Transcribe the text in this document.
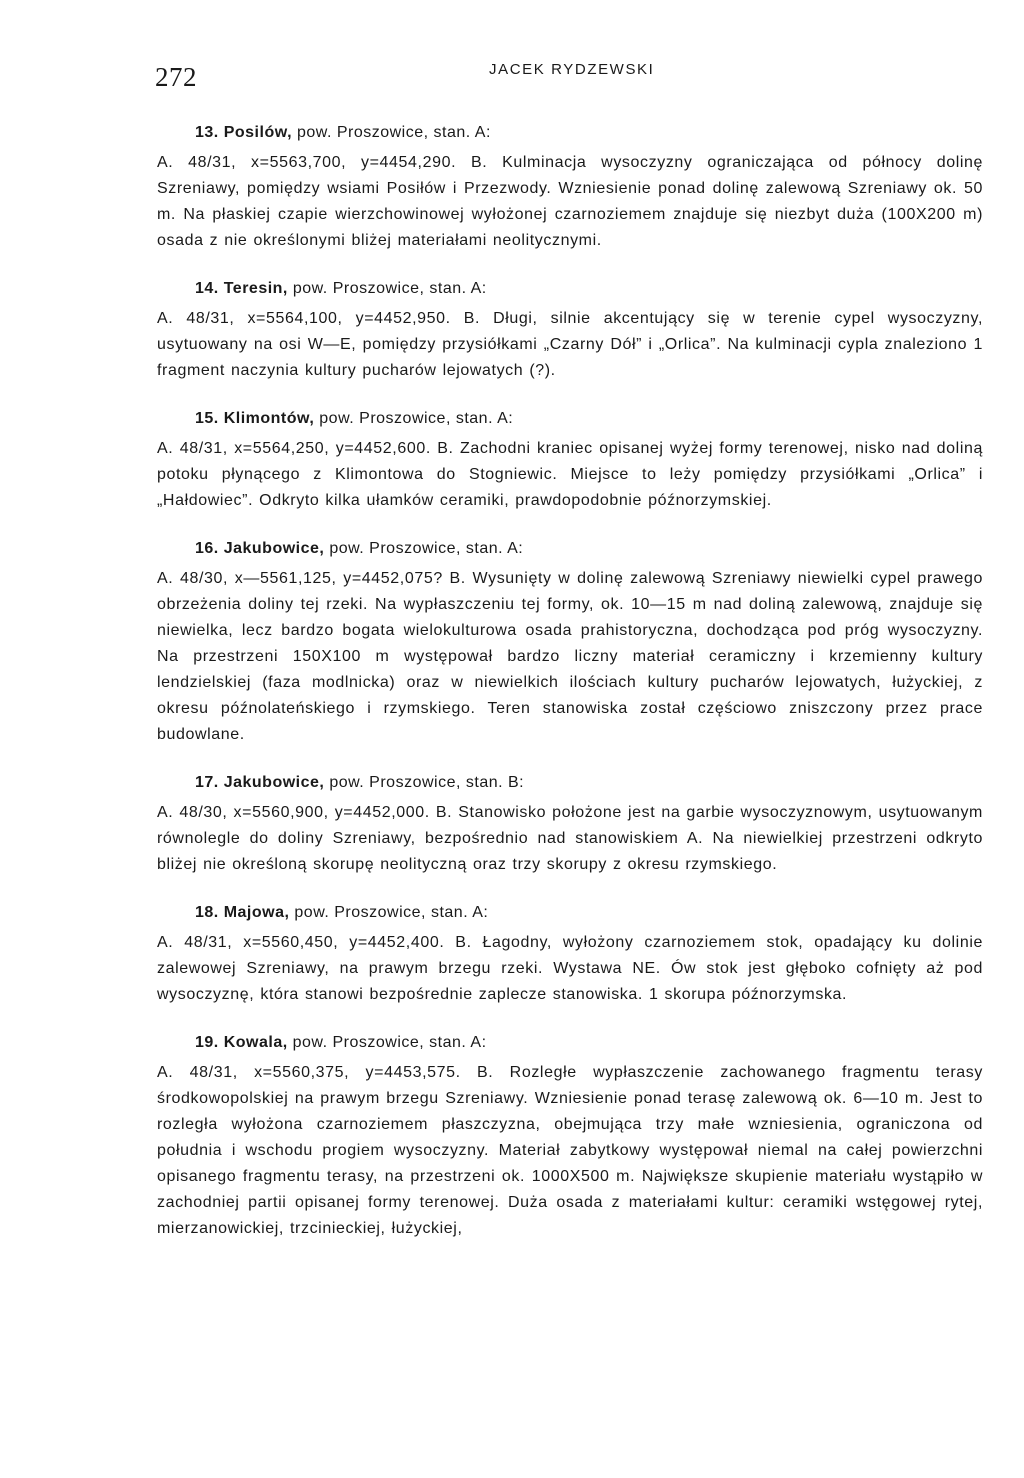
272	JACEK RYDZEWSKI
13. Posilów, pow. Proszowice, stan. A:
A. 48/31, x=5563,700, y=4454,290. B. Kulminacja wysoczyzny ograniczająca od północy dolinę Szreniawy, pomiędzy wsiami Posiłów i Przezwody. Wzniesienie ponad dolinę zalewową Szreniawy ok. 50 m. Na płaskiej czapie wierzchowinowej wyłożonej czarnoziemem znajduje się niezbyt duża (100X200 m) osada z nie określonymi bliżej materiałami neolitycznymi.
14. Teresin, pow. Proszowice, stan. A:
A. 48/31, x=5564,100, y=4452,950. B. Długi, silnie akcentujący się w terenie cypel wysoczyzny, usytuowany na osi W—E, pomiędzy przysiółkami „Czarny Dół” i „Orlica”. Na kulminacji cypla znaleziono 1 fragment naczynia kultury pucharów lejowatych (?).
15. Klimontów, pow. Proszowice, stan. A:
A. 48/31, x=5564,250, y=4452,600. B. Zachodni kraniec opisanej wyżej formy terenowej, nisko nad doliną potoku płynącego z Klimontowa do Stogniewic. Miejsce to leży pomiędzy przysiółkami „Orlica” i „Hałdowiec”. Odkryto kilka ułamków ceramiki, prawdopodobnie późnorzymskiej.
16. Jakubowice, pow. Proszowice, stan. A:
A. 48/30, x—5561,125, y=4452,075? B. Wysunięty w dolinę zalewową Szreniawy niewielki cypel prawego obrzeżenia doliny tej rzeki. Na wypłaszczeniu tej formy, ok. 10—15 m nad doliną zalewową, znajduje się niewielka, lecz bardzo bogata wielokulturowa osada prahistoryczna, dochodząca pod próg wysoczyzny. Na przestrzeni 150X100 m występował bardzo liczny materiał ceramiczny i krzemienny kultury lendzielskiej (faza modlnicka) oraz w niewielkich ilościach kultury pucharów lejowatych, łużyckiej, z okresu późnolateńskiego i rzymskiego. Teren stanowiska został częściowo zniszczony przez prace budowlane.
17. Jakubowice, pow. Proszowice, stan. B:
A. 48/30, x=5560,900, y=4452,000. B. Stanowisko położone jest na garbie wysoczyznowym, usytuowanym równolegle do doliny Szreniawy, bezpośrednio nad stanowiskiem A. Na niewielkiej przestrzeni odkryto bliżej nie określoną skorupę neolityczną oraz trzy skorupy z okresu rzymskiego.
18. Majowa, pow. Proszowice, stan. A:
A. 48/31, x=5560,450, y=4452,400. B. Łagodny, wyłożony czarnoziemem stok, opadający ku dolinie zalewowej Szreniawy, na prawym brzegu rzeki. Wystawa NE. Ów stok jest głęboko cofnięty aż pod wysoczyznę, która stanowi bezpośrednie zaplecze stanowiska. 1 skorupa późnorzymska.
19. Kowala, pow. Proszowice, stan. A:
A. 48/31, x=5560,375, y=4453,575. B. Rozległe wypłaszczenie zachowanego fragmentu terasy środkowopolskiej na prawym brzegu Szreniawy. Wzniesienie ponad terasę zalewową ok. 6—10 m. Jest to rozległa wyłożona czarnoziemem płaszczyzna, obejmująca trzy małe wzniesienia, ograniczona od południa i wschodu progiem wysoczyzny. Materiał zabytkowy występował niemal na całej powierzchni opisanego fragmentu terasy, na przestrzeni ok. 1000X500 m. Największe skupienie materiału wystąpiło w zachodniej partii opisanej formy terenowej. Duża osada z materiałami kultur: ceramiki wstęgowej rytej, mierzanowickiej, trzcinieckiej, łużyckiej,
